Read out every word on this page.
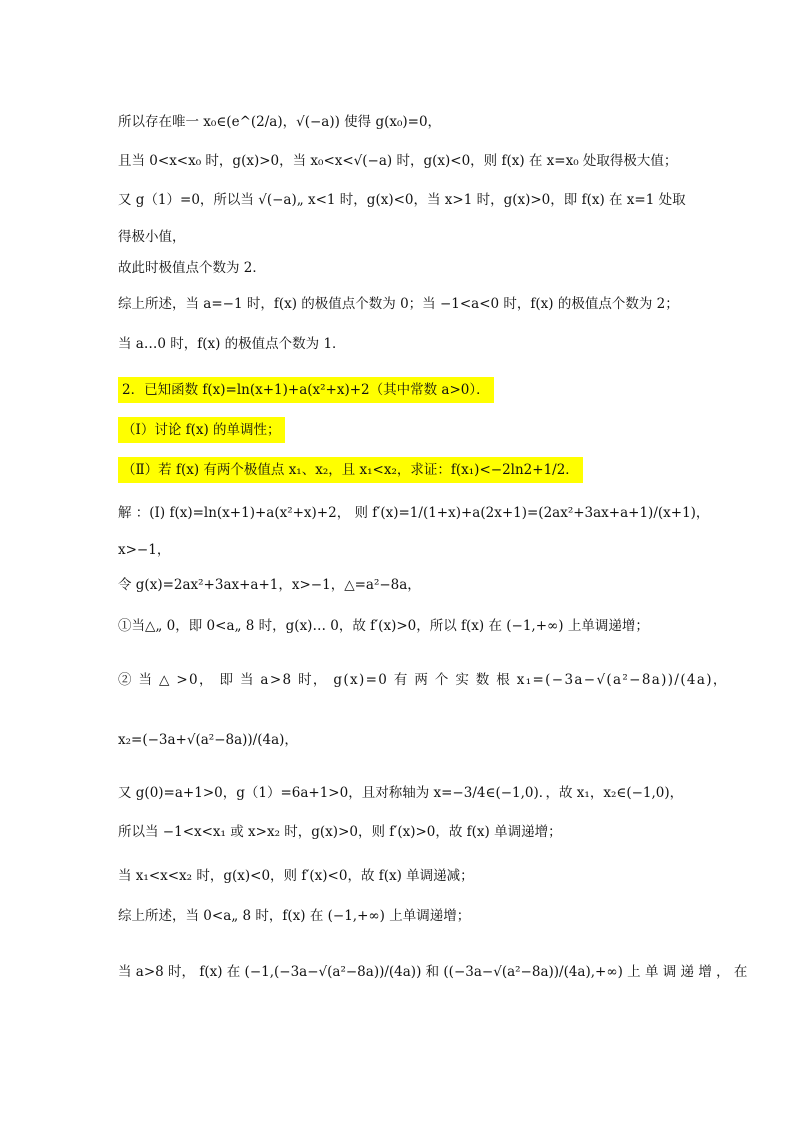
所以存在唯一 x₀∈(e^(2/a)，√(−a)) 使得 g(x₀)=0，
且当 0<x<x₀ 时，g(x)>0，当 x₀<x<√(−a) 时，g(x)<0，则 f(x) 在 x=x₀ 处取得极大值；
又 g（1）=0，所以当 √(−a)„ x<1 时，g(x)<0，当 x>1 时，g(x)>0，即 f(x) 在 x=1 处取
得极小值，
故此时极值点个数为 2．
综上所述，当 a=−1 时，f(x) 的极值点个数为 0；当 −1<a<0 时，f(x) 的极值点个数为 2；
当 a…0 时，f(x) 的极值点个数为 1．
2．已知函数 f(x)=ln(x+1)+a(x²+x)+2（其中常数 a>0）．
（Ⅰ）讨论 f(x) 的单调性；
（Ⅱ）若 f(x) 有两个极值点 x₁、x₂，且 x₁<x₂，求证：f(x₁)<−2ln2+1/2．
解 ：(I) f(x)=ln(x+1)+a(x²+x)+2， 则 f′(x)=1/(1+x)+a(2x+1)=(2ax²+3ax+a+1)/(x+1)，
x>−1，
令 g(x)=2ax²+3ax+a+1，x>−1，△=a²−8a，
①当△„ 0，即 0<a„ 8 时，g(x)… 0，故 f′(x)>0，所以 f(x) 在 (−1,+∞) 上单调递增；
② 当 △ >0， 即 当 a>8 时， g(x)=0 有 两 个 实 数 根 x₁=(−3a−√(a²−8a))/(4a)，
x₂=(−3a+√(a²−8a))/(4a)，
又 g(0)=a+1>0，g（1）=6a+1>0，且对称轴为 x=−3/4∈(−1,0)．，故 x₁，x₂∈(−1,0)，
所以当 −1<x<x₁ 或 x>x₂ 时，g(x)>0，则 f′(x)>0，故 f(x) 单调递增；
当 x₁<x<x₂ 时，g(x)<0，则 f′(x)<0，故 f(x) 单调递减；
综上所述，当 0<a„ 8 时，f(x) 在 (−1,+∞) 上单调递增；
当 a>8 时， f(x) 在 (−1,(−3a−√(a²−8a))/(4a)) 和 ((−3a−√(a²−8a))/(4a),+∞) 上 单 调 递 增 ， 在
